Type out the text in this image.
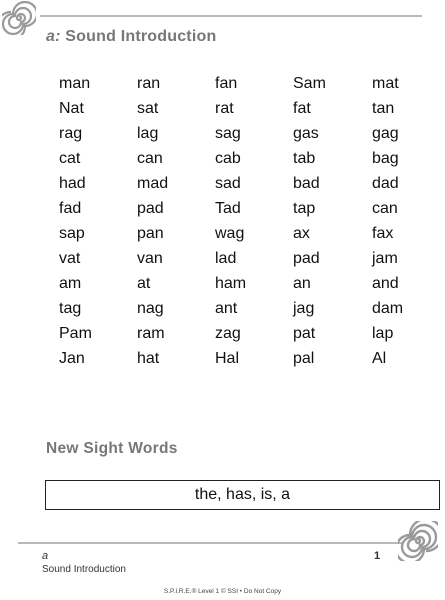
a: Sound Introduction
man	ran	fan	Sam	mat
Nat	sat	rat	fat	tan
rag	lag	sag	gas	gag
cat	can	cab	tab	bag
had	mad	sad	bad	dad
fad	pad	Tad	tap	can
sap	pan	wag	ax	fax
vat	van	lad	pad	jam
am	at	ham	an	and
tag	nag	ant	jag	dam
Pam	ram	zag	pat	lap
Jan	hat	Hal	pal	Al
New Sight Words
the, has, is, a
a
Sound Introduction
1
S.P.I.R.E.® Level 1 © SSI • Do Not Copy
